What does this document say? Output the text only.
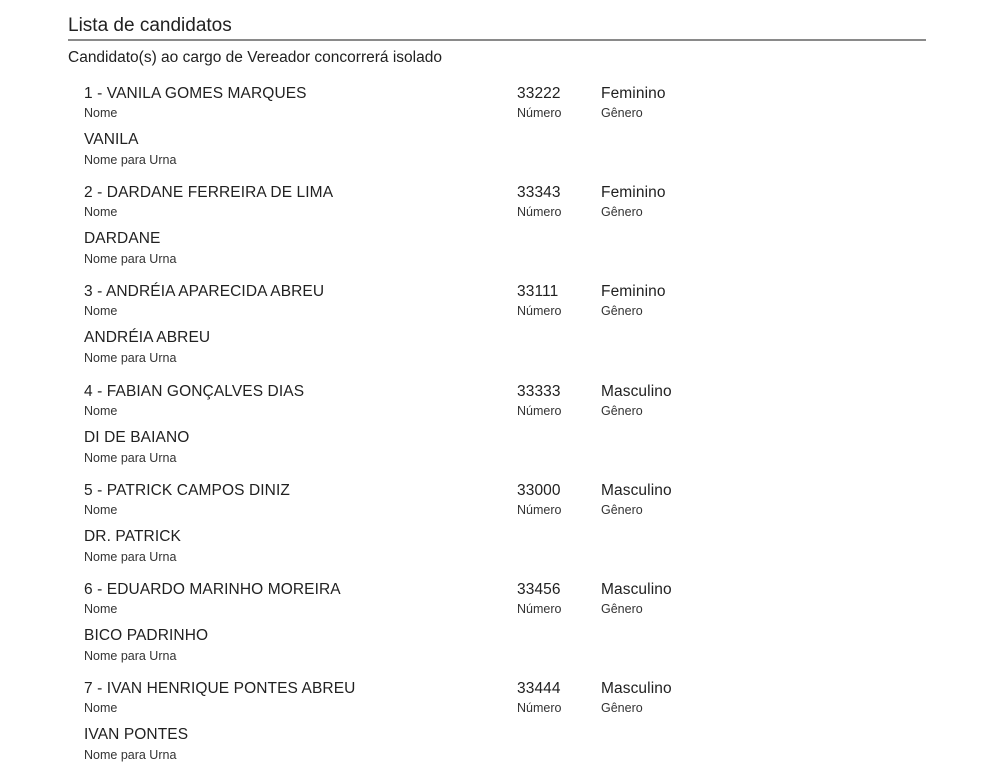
Lista de candidatos
Candidato(s) ao cargo de Vereador concorrerá isolado
1 - VANILA GOMES MARQUES
Nome
33222
Número
Feminino
Gênero
VANILA
Nome para Urna
2 - DARDANE FERREIRA DE LIMA
Nome
33343
Número
Feminino
Gênero
DARDANE
Nome para Urna
3 - ANDRÉIA APARECIDA ABREU
Nome
33111
Número
Feminino
Gênero
ANDRÉIA ABREU
Nome para Urna
4 - FABIAN GONÇALVES DIAS
Nome
33333
Número
Masculino
Gênero
DI DE BAIANO
Nome para Urna
5 - PATRICK CAMPOS DINIZ
Nome
33000
Número
Masculino
Gênero
DR. PATRICK
Nome para Urna
6 - EDUARDO MARINHO MOREIRA
Nome
33456
Número
Masculino
Gênero
BICO PADRINHO
Nome para Urna
7 - IVAN HENRIQUE PONTES ABREU
Nome
33444
Número
Masculino
Gênero
IVAN PONTES
Nome para Urna
